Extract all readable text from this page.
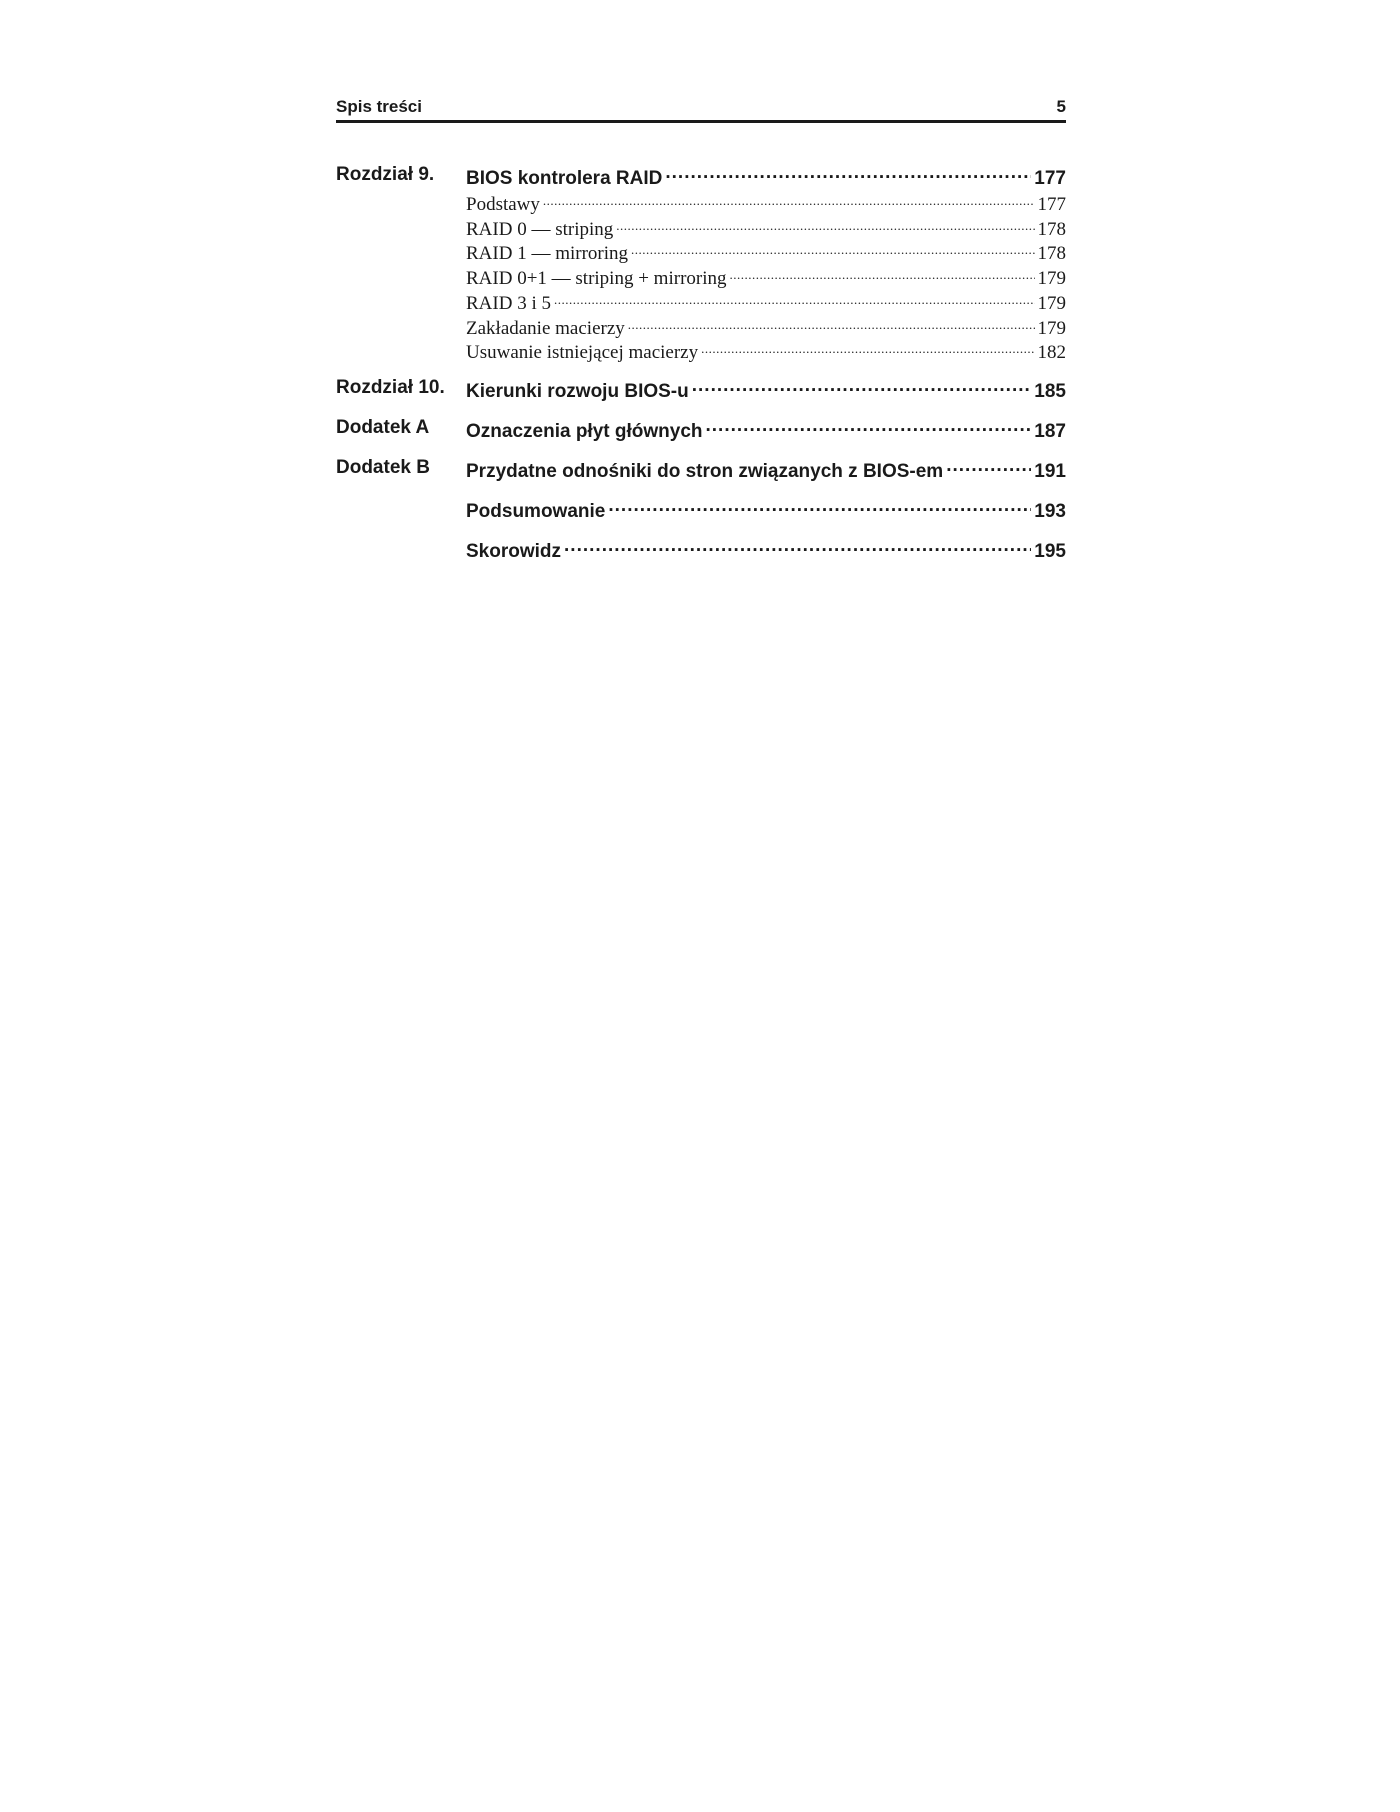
Spis treści	5
Rozdział 9.	BIOS kontrolera RAID .....	177
Podstawy .....	177
RAID 0 — striping .....	178
RAID 1 — mirroring .....	178
RAID 0+1 — striping + mirroring .....	179
RAID 3 i 5 .....	179
Zakładanie macierzy .....	179
Usuwanie istniejącej macierzy .....	182
Rozdział 10.	Kierunki rozwoju BIOS-u .....	185
Dodatek A	Oznaczenia płyt głównych .....	187
Dodatek B	Przydatne odnośniki do stron związanych z BIOS-em .....	191
Podsumowanie .....	193
Skorowidz .....	195
